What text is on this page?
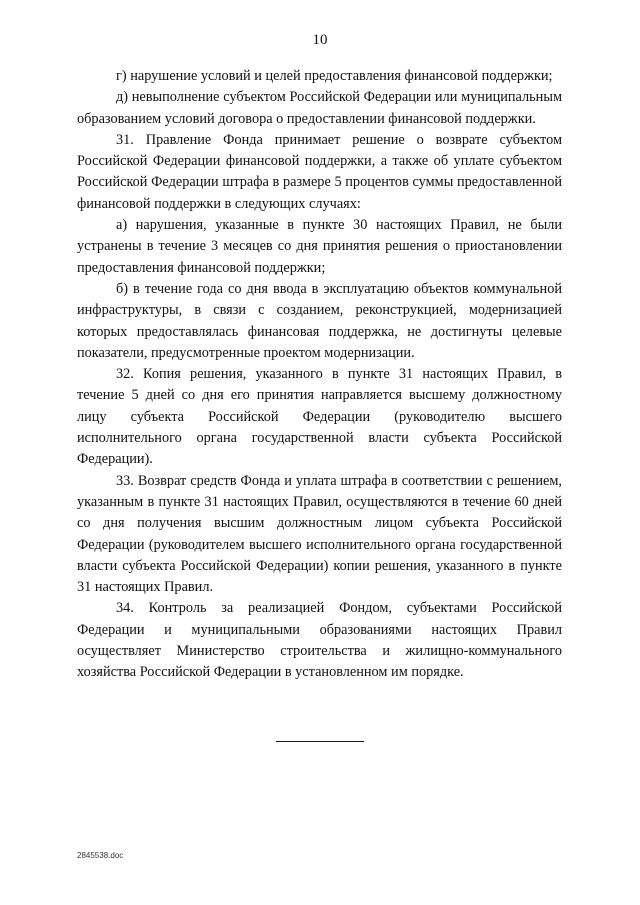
10

г) нарушение условий и целей предоставления финансовой поддержки;

д) невыполнение субъектом Российской Федерации или муниципальным образованием условий договора о предоставлении финансовой поддержки.

31. Правление Фонда принимает решение о возврате субъектом Российской Федерации финансовой поддержки, а также об уплате субъектом Российской Федерации штрафа в размере 5 процентов суммы предоставленной финансовой поддержки в следующих случаях:

а) нарушения, указанные в пункте 30 настоящих Правил, не были устранены в течение 3 месяцев со дня принятия решения о приостановлении предоставления финансовой поддержки;

б) в течение года со дня ввода в эксплуатацию объектов коммунальной инфраструктуры, в связи с созданием, реконструкцией, модернизацией которых предоставлялась финансовая поддержка, не достигнуты целевые показатели, предусмотренные проектом модернизации.

32. Копия решения, указанного в пункте 31 настоящих Правил, в течение 5 дней со дня его принятия направляется высшему должностному лицу субъекта Российской Федерации (руководителю высшего исполнительного органа государственной власти субъекта Российской Федерации).

33. Возврат средств Фонда и уплата штрафа в соответствии с решением, указанным в пункте 31 настоящих Правил, осуществляются в течение 60 дней со дня получения высшим должностным лицом субъекта Российской Федерации (руководителем высшего исполнительного органа государственной власти субъекта Российской Федерации) копии решения, указанного в пункте 31 настоящих Правил.

34. Контроль за реализацией Фондом, субъектами Российской Федерации и муниципальными образованиями настоящих Правил осуществляет Министерство строительства и жилищно-коммунального хозяйства Российской Федерации в установленном им порядке.

2845538.doc
